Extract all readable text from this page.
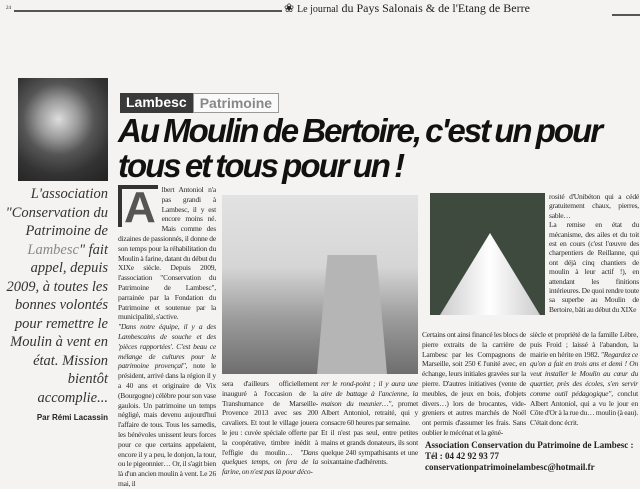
24	❀ Le journal du Pays Salonais & de l'Etang de Berre
Lambesc Patrimoine
Au Moulin de Bertoire, c'est un pour tous et tous pour un !
L'association "Conservation du Patrimoine de Lambesc" fait appel, depuis 2009, à toutes les bonnes volontés pour remettre le Moulin à vent en état. Mission bientôt accomplie...
Par Rémi Lacassin
A lbert Antoniol n'a pas grandi à Lambesc, il y est encore moins né. Mais comme des dizaines de passionnés, il donne de son temps pour la réhabilitation du Moulin à farine, datant du début du XIXe siècle. Depuis 2009, l'association "Conservation du Patrimoine de Lambesc", parrainée par la Fondation du Patrimoine et soutenue par la municipalité, s'active.
"Dans notre équipe, il y a des Lambescains de souche et des 'pièces rapportées'. C'est beau ce mélange de cultures pour le patrimoine provençal", note le président, arrivé dans la région il y a 40 ans et originaire de Vix (Bourgogne) célèbre pour son vase gaulois. Un patrimoine un temps négligé, mais devenu aujourd'hui l'affaire de tous. Tous les samedis, les bénévoles unissent leurs forces pour ce que certains appelaient, encore il y a peu, le donjon, la tour, ou le pigeonnier… Or, il s'agit bien là d'un ancien moulin à vent. Le 26 mai, il
sera d'ailleurs officiellement inauguré à l'occasion de la Transhumance de Marseille-Provence 2013 avec ses 200 cavaliers. Et tout le village jouera le jeu : cuvée spéciale offerte par la coopérative, timbre inédit à l'effigie du moulin… "Dans quelques temps, on fera de la farine, on n'est pas là pour déco-
rer le rond-point ; il y aura une aire de battage à l'ancienne, la maison du meunier…", promet Albert Antoniol, retraité, qui y consacre 60 heures par semaine.
Et il n'est pas seul, entre petites mains et grands donateurs, ils sont quelque 240 sympathisants et une soixantaine d'adhérents.
rosité d'Unibéton qui a cédé gratuitement chaux, pierres, sable…
La remise en état du mécanisme, des ailes et du toit est en cours (c'est l'œuvre des charpentiers de Reillanne, qui ont déjà cinq chantiers de moulin à leur actif !), en attendant les finitions intérieures. De quoi rendre toute sa superbe au Moulin de Bertoire, bâti au début du XIXe
Certains ont ainsi financé les blocs de pierre extraits de la carrière de Lambesc par les Compagnons de Marseille, soit 250 € l'unité avec, en échange, leurs initiales gravées sur la pierre. D'autres initiatives (vente de meubles, de jeux en bois, d'objets divers…) lors de brocantes, vide-greniers et autres marchés de Noël ont permis d'assumer les frais. Sans oublier le mécénat et la géné-
siècle et propriété de la famille Lèbre, puis Froid ; laissé à l'abandon, la mairie en hérite en 1982. "Regardez ce qu'on a fait en trois ans et demi ! On veut installer le Moulin au cœur du quartier, près des écoles, s'en servir comme outil pédagogique", conclut Albert Antoniol, qui a vu le jour en Côte d'Or à la rue du… moulin (à eau). C'était donc écrit.
Association Conservation du Patrimoine de Lambesc :
Tél : 04 42 92 93 77
conservationpatrimoinelambesc@hotmail.fr
